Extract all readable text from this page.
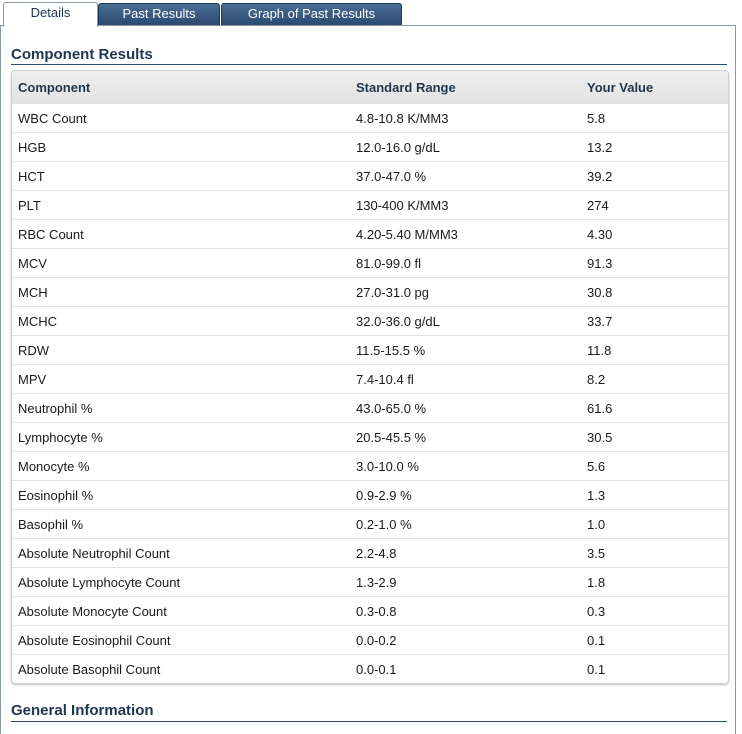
Details	Past Results	Graph of Past Results
Component Results
Component	Standard Range	Your Value
WBC Count	4.8-10.8 K/MM3	5.8
HGB	12.0-16.0 g/dL	13.2
HCT	37.0-47.0 %	39.2
PLT	130-400 K/MM3	274
RBC Count	4.20-5.40 M/MM3	4.30
MCV	81.0-99.0 fl	91.3
MCH	27.0-31.0 pg	30.8
MCHC	32.0-36.0 g/dL	33.7
RDW	11.5-15.5 %	11.8
MPV	7.4-10.4 fl	8.2
Neutrophil %	43.0-65.0 %	61.6
Lymphocyte %	20.5-45.5 %	30.5
Monocyte %	3.0-10.0 %	5.6
Eosinophil %	0.9-2.9 %	1.3
Basophil %	0.2-1.0 %	1.0
Absolute Neutrophil Count	2.2-4.8	3.5
Absolute Lymphocyte Count	1.3-2.9	1.8
Absolute Monocyte Count	0.3-0.8	0.3
Absolute Eosinophil Count	0.0-0.2	0.1
Absolute Basophil Count	0.0-0.1	0.1
General Information
